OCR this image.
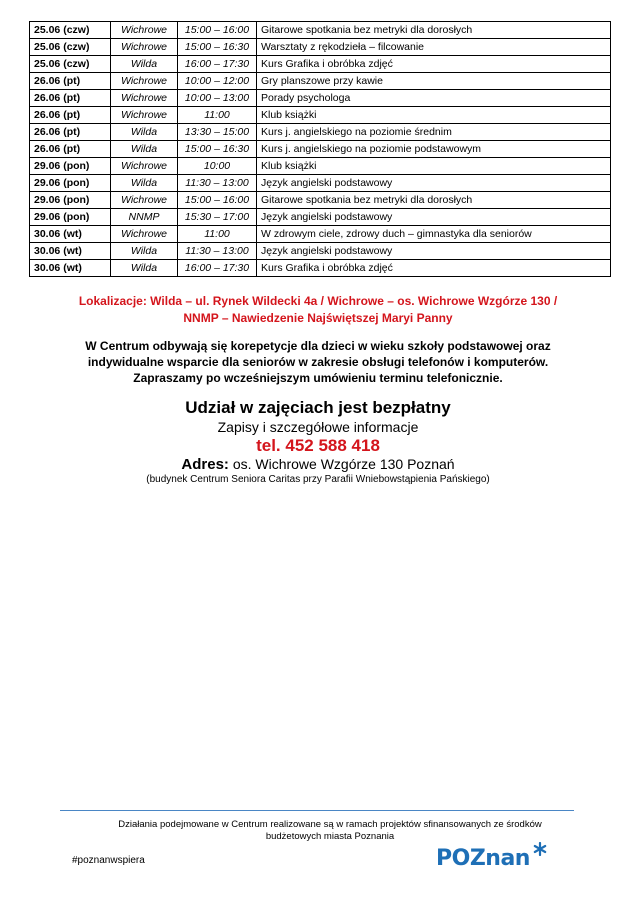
25.06 (czw)	Wichrowe	15:00 – 16:00	Gitarowe spotkania bez metryki dla dorosłych
25.06 (czw)	Wichrowe	15:00 – 16:30	Warsztaty z rękodzieła – filcowanie
25.06 (czw)	Wilda	16:00 – 17:30	Kurs Grafika i obróbka zdjęć
26.06 (pt)	Wichrowe	10:00 – 12:00	Gry planszowe przy kawie
26.06 (pt)	Wichrowe	10:00 – 13:00	Porady psychologa
26.06 (pt)	Wichrowe	11:00	Klub książki
26.06 (pt)	Wilda	13:30 – 15:00	Kurs j. angielskiego na poziomie średnim
26.06 (pt)	Wilda	15:00 – 16:30	Kurs j. angielskiego na poziomie podstawowym
29.06 (pon)	Wichrowe	10:00	Klub książki
29.06 (pon)	Wilda	11:30 – 13:00	Język angielski podstawowy
29.06 (pon)	Wichrowe	15:00 – 16:00	Gitarowe spotkania bez metryki dla dorosłych
29.06 (pon)	NNMP	15:30 – 17:00	Język angielski podstawowy
30.06 (wt)	Wichrowe	11:00	W zdrowym ciele, zdrowy duch – gimnastyka dla seniorów
30.06 (wt)	Wilda	11:30 – 13:00	Język angielski podstawowy
30.06 (wt)	Wilda	16:00 – 17:30	Kurs Grafika i obróbka zdjęć
Lokalizacje: Wilda – ul. Rynek Wildecki 4a / Wichrowe – os. Wichrowe Wzgórze 130 /
NNMP – Nawiedzenie Najświętszej Maryi Panny
W Centrum odbywają się korepetycje dla dzieci w wieku szkoły podstawowej oraz
indywidualne wsparcie dla seniorów w zakresie obsługi telefonów i komputerów.
Zapraszamy po wcześniejszym umówieniu terminu telefonicznie.
Udział w zajęciach jest bezpłatny
Zapisy i szczegółowe informacje
tel. 452 588 418
Adres: os. Wichrowe Wzgórze 130 Poznań
(budynek Centrum Seniora Caritas przy Parafii Wniebowstąpienia Pańskiego)
Działania podejmowane w Centrum realizowane są w ramach projektów sfinansowanych ze środków
budżetowych miasta Poznania
#poznanwspiera	POZnan
